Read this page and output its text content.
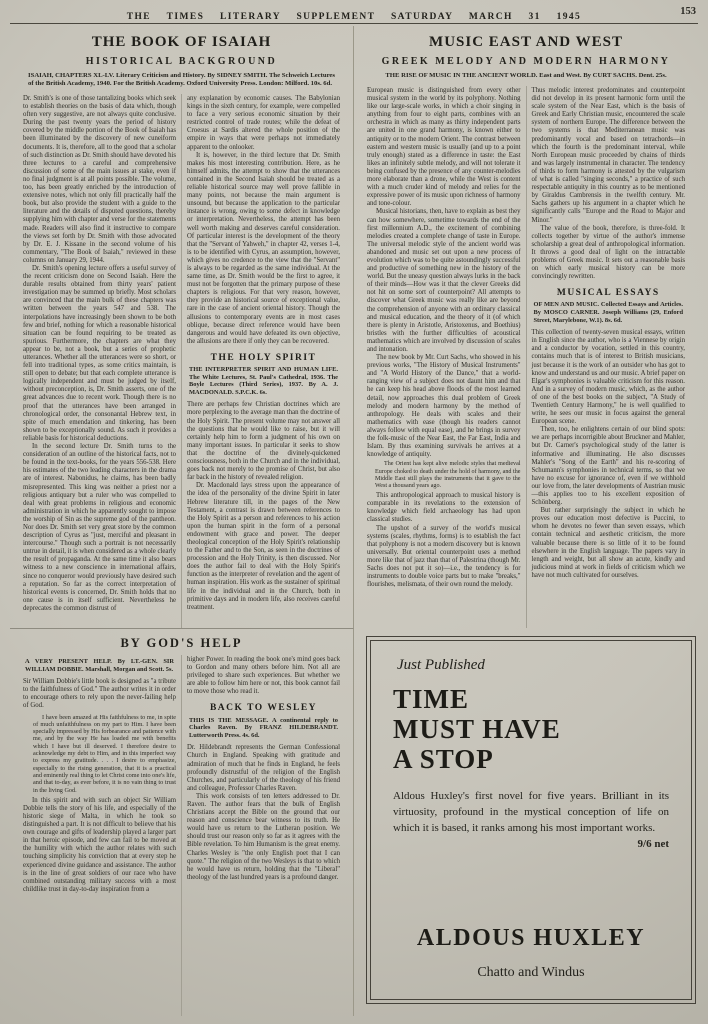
THE TIMES LITERARY SUPPLEMENT SATURDAY MARCH 31 1945	153
THE BOOK OF ISAIAH
HISTORICAL BACKGROUND

ISAIAH, CHAPTERS XL-LV. Literary Criticism and History. By SIDNEY SMITH. The Schweich Lectures of the British Academy, 1940. For the British Academy. Oxford University Press. London: Milford. 10s. 6d.

Dr. Smith's is one of those tantalizing books which seek to establish theories on the basis of data which, though often very suggestive, are not always quite conclusive. During the past twenty years the period of history covered by the middle portion of the Book of Isaiah has been illuminated by the discovery of new cuneiform documents. It is, therefore, all to the good that a scholar of such distinction as Dr. Smith should have devoted his three lectures to a careful and comprehensive discussion of some of the main issues at stake, even if no final judgment is at all points possible. The volume, too, has been greatly enriched by the introduction of extensive notes, which not only fill practically half the book, but also provide the student with a guide to the literature and the details of disputed questions, thereby supplying him with chapter and verse for the statements made. Readers will also find it instructive to compare the views set forth by Dr. Smith with those advocated by Dr. E. J. Kissane in the second volume of his commentary, "The Book of Isaiah," reviewed in these columns on January 29, 1944.

Dr. Smith's opening lecture offers a useful survey of the recent criticism done on Second Isaiah. Here the durable results obtained from thirty years' patient investigation may be summed up briefly. Most scholars are convinced that the main bulk of these chapters was written between the years 547 and 538. The interpolations have increasingly been shown to be both few and brief, nothing for which a reasonable historical situation can be found requiring to be treated as spurious. Furthermore, the chapters are what they appear to be, not a book, but a series of prophetic utterances. Whether all the utterances were so short, or fell into traditional types, as some critics maintain, is still open to debate; but that each complete utterance is logically independent and must be judged by itself, without preconception, is, Dr. Smith asserts, one of the great advances due to recent work. Though there is no proof that the utterances have been arranged in chronological order, the consonantal Hebrew text, in spite of much emendation and tinkering, has been shown to be exceptionally sound. As such it provides a reliable basis for historical deductions.

In the second lecture Dr. Smith turns to the consideration of an outline of the historical facts, not to be found in the text-books, for the years 556-538. Here his estimates of the two leading characters in the drama are of interest. Nabonidus, he claims, has been badly misrepresented. This king was neither a priest nor a religious antiquary but a ruler who was compelled to deal with great problems in religious and economic administration in which he apparently sought to impose the worship of Sin as the supreme god of the pantheon. Nor does Dr. Smith set very great store by the common description of Cyrus as "just, merciful and pleasant in intercourse." Though such a portrait is not necessarily untrue in detail, it is when considered as a whole clearly the result of propaganda. At the same time it also bears witness to a new conscience in international affairs, since no conqueror would previously have desired such a reputation. So far as the correct interpretation of historical events is concerned, Dr. Smith holds that no one cause is in itself sufficient. Nevertheless he deprecates the common distrust of

any explanation by economic causes. The Babylonian kings in the sixth century, for example, were compelled to face a very serious economic situation by their restricted control of trade routes; while the defeat of Croesus at Sardis altered the whole position of the empire in ways that were perhaps not immediately apparent to the onlooker.

It is, however, in the third lecture that Dr. Smith makes his most interesting contribution. Here, as he himself admits, the attempt to show that the utterances contained in the Second Isaiah should be treated as a reliable historical source may well prove fallible in many points, not because the main argument is unsound, but because the application to the particular instance is wrong, owing to some defect in knowledge or interpretation. Nevertheless, the attempt has been well worth making and deserves careful consideration. Of particular interest is the development of the theory that the "Servant of Yahweh," in chapter 42, verses 1-4, is to be identified with Cyrus, an assumption, however, which gives no credence to the view that the "Servant" is always to be regarded as the same individual. At the same time, as Dr. Smith would be the first to agree, it must not be forgotten that the primary purpose of these chapters is religious. For that very reason, however, they provide an historical source of exceptional value, rare in the case of ancient oriental history. Though the allusions to contemporary events are in most cases oblique, because direct reference would have been dangerous and would have defeated its own objective, the allusions are there if only they can be recovered.

THE HOLY SPIRIT

THE INTERPRETER SPIRIT AND HUMAN LIFE. The White Lectures, St. Paul's Cathedral, 1936. The Boyle Lectures (Third Series), 1937. By A. J. MACDONALD. S.P.C.K. 6s.

There are perhaps few Christian doctrines which are more perplexing to the average man than the doctrine of the Holy Spirit. The present volume may not answer all the questions that he would like to raise, but it will certainly help him to form a judgment of his own on many important issues. In particular it seeks to show that the doctrine of the divinely-quickened consciousness, both in the Church and in the individual, goes back not merely to the promise of Christ, but also far back in the history of revealed religion.

Dr. Macdonald lays stress upon the appearance of the idea of the personality of the divine Spirit in later Hebrew literature till, in the pages of the New Testament, a contrast is drawn between references to the Holy Spirit as a person and references to his action upon the human spirit in the form of a personal endowment with grace and power. The deeper theological conception of the Holy Spirit's relationship to the Father and to the Son, as seen in the doctrines of procession and the Holy Trinity, is then discussed. Nor does the author fail to deal with the Holy Spirit's function as the interpreter of revelation and the agent of human inspiration. His work as the sustainer of spiritual life in the individual and in the Church, both in primitive days and in modern life, also receives careful treatment.

MUSIC EAST AND WEST
GREEK MELODY AND MODERN HARMONY

THE RISE OF MUSIC IN THE ANCIENT WORLD. East and West. By CURT SACHS. Dent. 25s.

European music is distinguished from every other musical system in the world by its polyphony. Nothing like our large-scale works, in which a choir singing in anything from four to eight parts, combines with an orchestra in which as many as thirty independent parts are united in one grand harmony, is known either to antiquity or to the modern Orient. The contrast between eastern and western music is usually (and up to a point truly enough) stated as a difference in taste: the East likes an infinitely subtle melody, and will not tolerate it being confused by the presence of any counter-melodies more elaborate than a drone, while the West is content with a much cruder kind of melody and relies for the expressive power of its music upon richness of harmony and tone-colour.

Musical historians, then, have to explain as best they can how somewhere, sometime towards the end of the first millennium A.D., the excitement of combining melodies created a complete change of taste in Europe. The universal melodic style of the ancient world was abandoned and music set out upon a new process of evolution which was to be quite astoundingly successful and productive of something new in the history of the world. But the uneasy question always lurks in the back of their minds—How was it that the clever Greeks did not hit on some sort of counterpoint? All attempts to discover what Greek music was really like are beyond the comprehension of anyone with an ordinary classical and musical education, and the theory of it (of which there is plenty in Aristotle, Aristoxenus, and Boethius) bristles with the further difficulties of acoustical mathematics which are involved by discussion of scales and intonation.

The new book by Mr. Curt Sachs, who showed in his previous works, "The History of Musical Instruments" and "A World History of the Dance," that a world-ranging view of a subject does not daunt him and that he can keep his head above floods of the most learned detail, now approaches this dual problem of Greek melody and modern harmony by the method of anthropology. He deals with scales and their mathematics with ease (though his readers cannot always follow with equal ease), and he brings in survey the folk-music of the Near East, the Far East, India and Islam. By thus examining survivals he arrives at a knowledge of antiquity.

The Orient has kept alive melodic styles that medieval Europe choked to death under the hold of harmony, and the Middle East still plays the instruments that it gave to the West a thousand years ago.

This anthropological approach to musical history is comparable in its revelations to the extension of knowledge which field archaeology has had upon classical studies.

The upshot of a survey of the world's musical systems (scales, rhythms, forms) is to establish the fact that polyphony is not a modern discovery but is known universally. But oriental counterpoint uses a method more like that of jazz than that of Palestrina (though Mr. Sachs does not put it so)—i.e., the tendency is for instruments to double voice parts but to make "breaks," flourishes, melismata, of their own round the melody.

Thus melodic interest predominates and counterpoint did not develop in its present harmonic form until the scale system of the Near East, which is the basis of Greek and Early Christian music, encountered the scale system of northern Europe. The difference between the two systems is that Mediterranean music was predominantly vocal and based on tetrachords—in which the fourth is the predominant interval, while North European music proceeded by chains of thirds and was largely instrumental in character. The tendency of thirds to form harmony is attested by the vulgarism of what is called "singing seconds," a practice of such respectable antiquity in this country as to be mentioned by Giraldus Cambrensis in the twelfth century. Mr. Sachs gathers up his argument in a chapter which he significantly calls "Europe and the Road to Major and Minor."

The value of the book, therefore, is three-fold. It collects together by virtue of the author's immense scholarship a great deal of anthropological information. It throws a good deal of light on the intractable problems of Greek music. It sets out a reasonable basis on which early musical history can be more convincingly rewritten.

MUSICAL ESSAYS

OF MEN AND MUSIC. Collected Essays and Articles. By MOSCO CARNER. Joseph Williams (29, Enford Street, Marylebone, W.1). 8s. 6d.

This collection of twenty-seven musical essays, written in English since the author, who is a Viennese by origin and a conductor by vocation, settled in this country, contains much that is of interest to British musicians, just because it is the work of an outsider who has got to know and understand us and our music. A brief paper on Elgar's symphonies is valuable criticism for this reason. And in a survey of modern music, which, as the author of one of the best books on the subject, "A Study of Twentieth Century Harmony," he is well qualified to write, he sees our music in focus against the general European scene.

Then, too, he enlightens certain of our blind spots: we are perhaps incorrigible about Bruckner and Mahler, but Dr. Carner's psychological study of the latter is informative and illuminating. He also discusses Mahler's "Song of the Earth" and his re-scoring of Schumann's symphonies in technical terms, so that we have no excuse for ignorance of, even if we withhold our love from, the later developments of Austrian music—this applies too to his excellent exposition of Schönberg.

But rather surprisingly the subject in which he proves our education most defective is Puccini, to whom he devotes no fewer than seven essays, which contain technical and aesthetic criticism, the more valuable because there is so little of it to be found elsewhere in the English language. The papers vary in length and weight, but all show an acute, kindly and judicious mind at work in fields of criticism which we have not much cultivated for ourselves.

BY GOD'S HELP

A VERY PRESENT HELP. By LT.-GEN. SIR WILLIAM DOBBIE. Marshall, Morgan and Scott. 5s.

Sir William Dobbie's little book is designed as "a tribute to the faithfulness of God." The author writes it in order to encourage others to rely upon the never-failing help of God.

I have been amazed at His faithfulness to me, in spite of much unfaithfulness on my part to Him. I have been specially impressed by His forbearance and patience with me, and by the way He has loaded me with benefits which I have but ill deserved. I therefore desire to acknowledge my debt to Him, and in this imperfect way to express my gratitude. . . . I desire to emphasize, especially to the rising generation, that it is a practical and eminently real thing to let Christ come into one's life, and that to-day, as ever before, it is no vain thing to trust in the living God.

In this spirit and with such an object Sir William Dobbie tells the story of his life, and especially of the historic siege of Malta, in which he took so distinguished a part. It is not difficult to believe that his own courage and gifts of leadership played a larger part in that heroic episode, and few can fail to be moved at the humility with which the author relates with such touching simplicity his conviction that at every step he experienced divine guidance and assistance. The author is in the line of great soldiers of our race who have combined outstanding military success with a most childlike trust in day-to-day inspiration from a

higher Power. In reading the book one's mind goes back to Gordon and many others before him. Not all are privileged to share such experiences. But whether we are able to follow him here or not, this book cannot fail to move those who read it.

BACK TO WESLEY

THIS IS THE MESSAGE. A continental reply to Charles Raven. By FRANZ HILDEBRANDT. Lutterworth Press. 4s. 6d.

Dr. Hildebrandt represents the German Confessional Church in England. Speaking with gratitude and admiration of much that he finds in England, he feels profoundly distrustful of the religion of the English Churches, and particularly of the theology of his friend and colleague, Professor Charles Raven.

This work consists of ten letters addressed to Dr. Raven. The author fears that the bulk of English Christians accept the Bible on the ground that our reason and conscience bear witness to its truth. He would have us return to the Lutheran position. We should trust our reason only so far as it agrees with the Bible revelation. To him Humanism is the great enemy. Charles Wesley is "the only English poet that I can quote." The religion of the two Wesleys is that to which he would have us return, holding that the "Liberal" theology of the last hundred years is a profound danger.

Just Published
TIME
MUST HAVE
A STOP

Aldous Huxley's first novel for five years. Brilliant in its virtuosity, profound in the mystical conception of life on which it is based, it ranks among his most important works.
9/6 net

ALDOUS HUXLEY
Chatto and Windus
